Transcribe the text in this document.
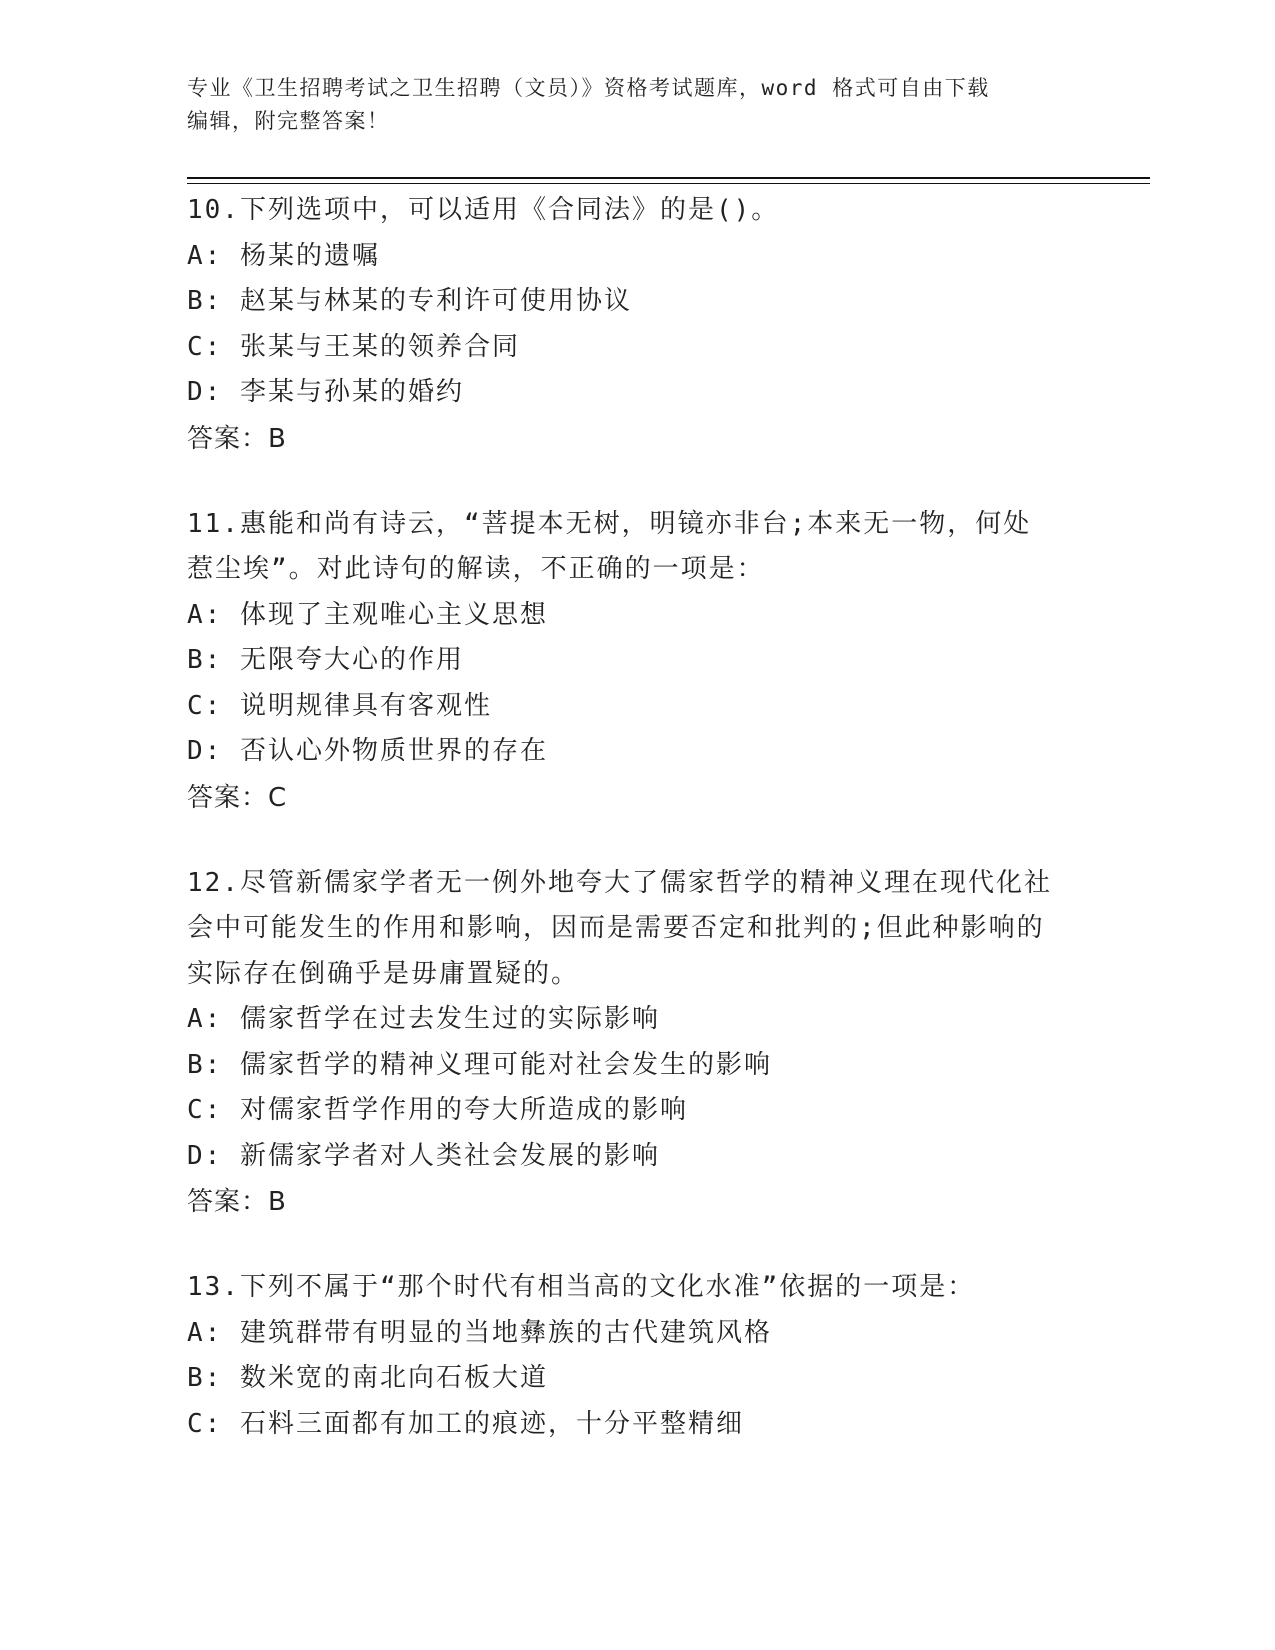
专业《卫生招聘考试之卫生招聘（文员）》资格考试题库，word 格式可自由下载
编辑，附完整答案！
10.下列选项中，可以适用《合同法》的是()。
A: 杨某的遗嘱
B: 赵某与林某的专利许可使用协议
C: 张某与王某的领养合同
D: 李某与孙某的婚约
答案：B
11.惠能和尚有诗云，“菩提本无树，明镜亦非台;本来无一物，何处
惹尘埃”。对此诗句的解读，不正确的一项是：
A: 体现了主观唯心主义思想
B: 无限夸大心的作用
C: 说明规律具有客观性
D: 否认心外物质世界的存在
答案：C
12.尽管新儒家学者无一例外地夸大了儒家哲学的精神义理在现代化社
会中可能发生的作用和影响，因而是需要否定和批判的;但此种影响的
实际存在倒确乎是毋庸置疑的。
A: 儒家哲学在过去发生过的实际影响
B: 儒家哲学的精神义理可能对社会发生的影响
C: 对儒家哲学作用的夸大所造成的影响
D: 新儒家学者对人类社会发展的影响
答案：B
13.下列不属于“那个时代有相当高的文化水准”依据的一项是：
A: 建筑群带有明显的当地彝族的古代建筑风格
B: 数米宽的南北向石板大道
C: 石料三面都有加工的痕迹，十分平整精细
